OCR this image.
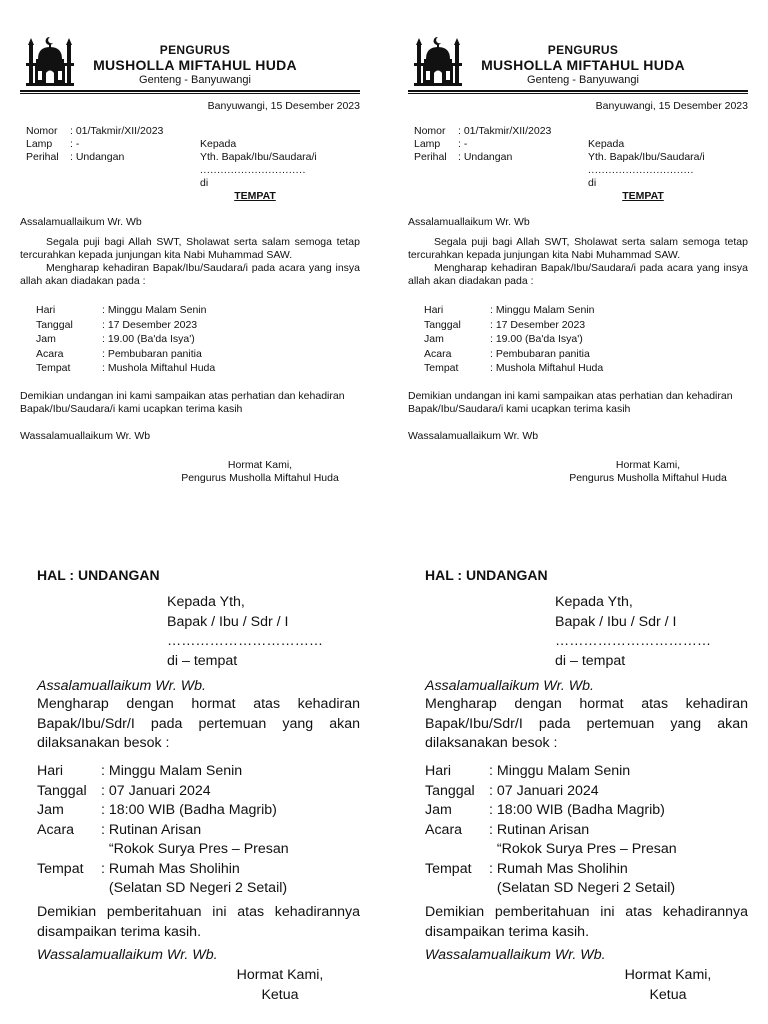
PENGURUS
MUSHOLLA MIFTAHUL HUDA
Genteng - Banyuwangi
Banyuwangi, 15 Desember 2023
Nomor	: 01/Takmir/XII/2023
Lamp	: -
Perihal	: Undangan
Kepada
Yth. Bapak/Ibu/Saudara/i
...............................
di
TEMPAT
Assalamuallaikum Wr. Wb

Segala puji bagi Allah SWT, Sholawat serta salam semoga tetap tercurahkan kepada junjungan kita Nabi Muhammad SAW.

Mengharap kehadiran Bapak/Ibu/Saudara/i pada acara yang insya allah akan diadakan pada :

Hari	: Minggu Malam Senin
Tanggal	: 17 Desember 2023
Jam	: 19.00 (Ba'da Isya')
Acara	: Pembubaran panitia
Tempat	: Mushola Miftahul Huda
Demikian undangan ini kami sampaikan atas perhatian dan kehadiran Bapak/Ibu/Saudara/i kami ucapkan terima kasih
Wassalamuallaikum Wr. Wb
Hormat Kami,
Pengurus Musholla Miftahul Huda
HAL : UNDANGAN
Kepada Yth,
Bapak / Ibu / Sdr / I
……………………………
di – tempat
Assalamuallaikum Wr. Wb.
Mengharap dengan hormat atas kehadiran Bapak/Ibu/Sdr/I pada pertemuan yang akan dilaksanakan besok :
Hari	: Minggu Malam Senin
Tanggal	: 07 Januari 2024
Jam	: 18:00 WIB (Badha Magrib)
Acara	: Rutinan Arisan
	“Rokok Surya Pres – Presan
Tempat	: Rumah Mas Sholihin
	(Selatan SD Negeri 2 Setail)
Demikian pemberitahuan ini atas kehadirannya disampaikan terima kasih.
Wassalamuallaikum Wr. Wb.
Hormat Kami,
Ketua
PENGURUS
MUSHOLLA MIFTAHUL HUDA
Genteng - Banyuwangi
Banyuwangi, 15 Desember 2023
Nomor	: 01/Takmir/XII/2023
Lamp	: -
Perihal	: Undangan
Kepada
Yth. Bapak/Ibu/Saudara/i
...............................
di
TEMPAT
Assalamuallaikum Wr. Wb

Segala puji bagi Allah SWT, Sholawat serta salam semoga tetap tercurahkan kepada junjungan kita Nabi Muhammad SAW.

Mengharap kehadiran Bapak/Ibu/Saudara/i pada acara yang insya allah akan diadakan pada :

Hari	: Minggu Malam Senin
Tanggal	: 17 Desember 2023
Jam	: 19.00 (Ba'da Isya')
Acara	: Pembubaran panitia
Tempat	: Mushola Miftahul Huda
Demikian undangan ini kami sampaikan atas perhatian dan kehadiran Bapak/Ibu/Saudara/i kami ucapkan terima kasih
Wassalamuallaikum Wr. Wb
Hormat Kami,
Pengurus Musholla Miftahul Huda
HAL : UNDANGAN
Kepada Yth,
Bapak / Ibu / Sdr / I
……………………………
di – tempat
Assalamuallaikum Wr. Wb.
Mengharap dengan hormat atas kehadiran Bapak/Ibu/Sdr/I pada pertemuan yang akan dilaksanakan besok :
Hari	: Minggu Malam Senin
Tanggal	: 07 Januari 2024
Jam	: 18:00 WIB (Badha Magrib)
Acara	: Rutinan Arisan
	“Rokok Surya Pres – Presan
Tempat	: Rumah Mas Sholihin
	(Selatan SD Negeri 2 Setail)
Demikian pemberitahuan ini atas kehadirannya disampaikan terima kasih.
Wassalamuallaikum Wr. Wb.
Hormat Kami,
Ketua
